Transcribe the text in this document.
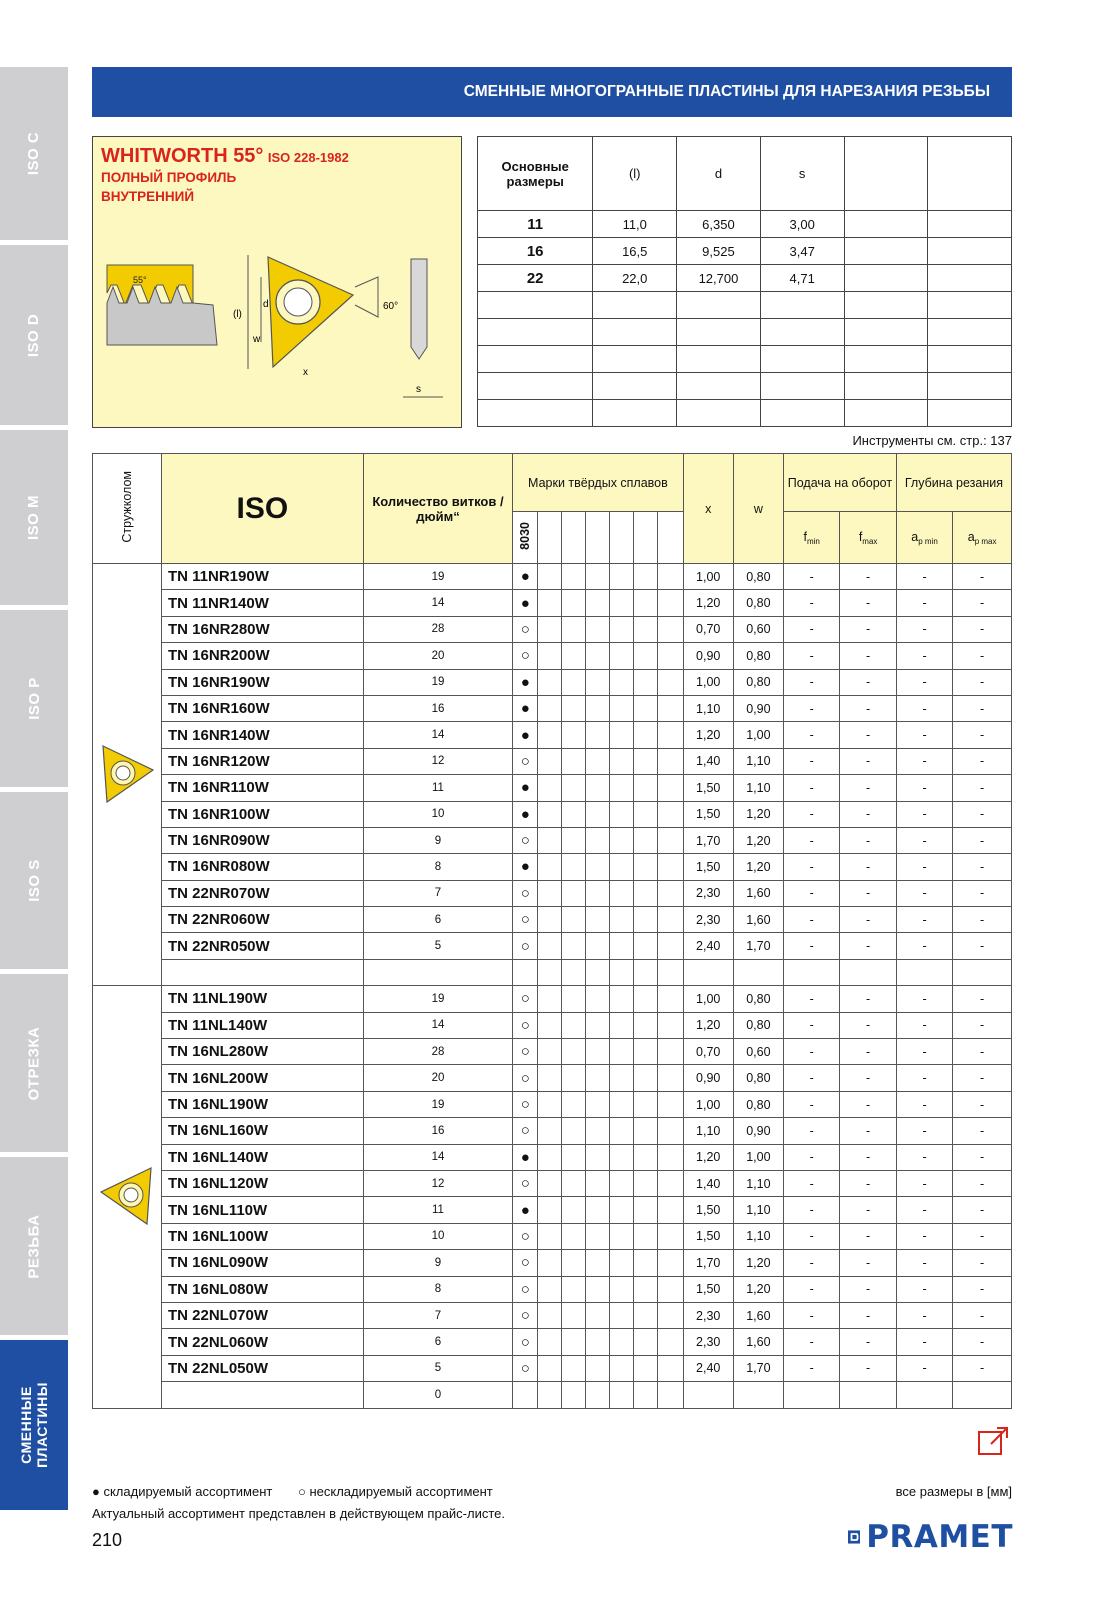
ISO C
ISO D
ISO M
ISO P
ISO S
ОТРЕЗКА
РЕЗЬБА
СМЕННЫЕ ПЛАСТИНЫ
СМЕННЫЕ МНОГОГРАННЫЕ ПЛАСТИНЫ ДЛЯ НАРЕЗАНИЯ РЕЗЬБЫ
WHITWORTH 55° ISO 228-1982
ПОЛНЫЙ ПРОФИЛЬ
ВНУТРЕННИЙ
55°
(l)
d
w
x
60°
s
Основные размеры	(l)	d	s		
11	11,0	6,350	3,00		
16	16,5	9,525	3,47		
22	22,0	12,700	4,71		

Инструменты см. стр.: 137
Стружколом	ISO	Количество витков / дюйм“	Марки твёрдых сплавов							x	w	Подача на оборот		Глубина резания	
			8030									$f_{min}$	$f_{max}$	$a_{p min}$	$a_{p max}$
	TN 11NR190W	19	●							1,00	0,80	-	-	-	-
	TN 11NR140W	14	●							1,20	0,80	-	-	-	-
	TN 16NR280W	28	○							0,70	0,60	-	-	-	-
	TN 16NR200W	20	○							0,90	0,80	-	-	-	-
	TN 16NR190W	19	●							1,00	0,80	-	-	-	-
	TN 16NR160W	16	●							1,10	0,90	-	-	-	-
	TN 16NR140W	14	●							1,20	1,00	-	-	-	-
	TN 16NR120W	12	○							1,40	1,10	-	-	-	-
	TN 16NR110W	11	●							1,50	1,10	-	-	-	-
	TN 16NR100W	10	●							1,50	1,20	-	-	-	-
	TN 16NR090W	9	○							1,70	1,20	-	-	-	-
	TN 16NR080W	8	●							1,50	1,20	-	-	-	-
	TN 22NR070W	7	○							2,30	1,60	-	-	-	-
	TN 22NR060W	6	○							2,30	1,60	-	-	-	-
	TN 22NR050W	5	○							2,40	1,70	-	-	-	-

	TN 11NL190W	19	○							1,00	0,80	-	-	-	-
	TN 11NL140W	14	○							1,20	0,80	-	-	-	-
	TN 16NL280W	28	○							0,70	0,60	-	-	-	-
	TN 16NL200W	20	○							0,90	0,80	-	-	-	-
	TN 16NL190W	19	○							1,00	0,80	-	-	-	-
	TN 16NL160W	16	○							1,10	0,90	-	-	-	-
	TN 16NL140W	14	●							1,20	1,00	-	-	-	-
	TN 16NL120W	12	○							1,40	1,10	-	-	-	-
	TN 16NL110W	11	●							1,50	1,10	-	-	-	-
	TN 16NL100W	10	○							1,50	1,10	-	-	-	-
	TN 16NL090W	9	○							1,70	1,20	-	-	-	-
	TN 16NL080W	8	○							1,50	1,20	-	-	-	-
	TN 22NL070W	7	○							2,30	1,60	-	-	-	-
	TN 22NL060W	6	○							2,30	1,60	-	-	-	-
	TN 22NL050W	5	○							2,40	1,70	-	-	-	-
		0													
● складируемый ассортимент ○ нескладируемый ассортимент
Актуальный ассортимент представлен в действующем прайс-листе.
все размеры в [мм]
210	PRAMET
